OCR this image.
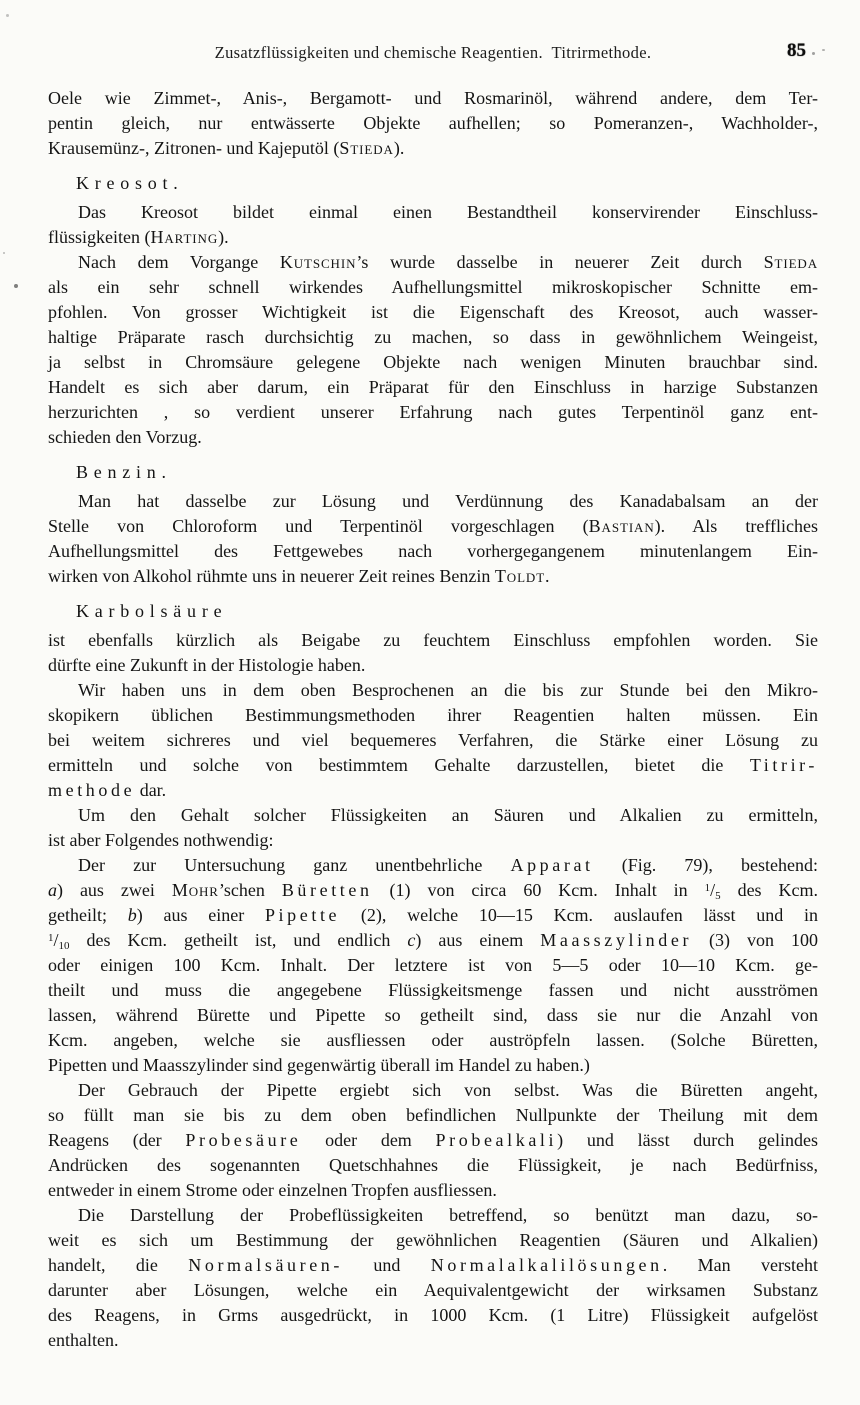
Zusatzflüssigkeiten und chemische Reagentien.  Titrirmethode.	85
Oele wie Zimmet-, Anis-, Bergamott- und Rosmarinöl, während andere, dem Ter-
pentin gleich, nur entwässerte Objekte aufhellen; so Pomeranzen-, Wachholder-,
Krausemünz-, Zitronen- und Kajeputöl (Stieda).
Kreosot.
Das Kreosot bildet einmal einen Bestandtheil konservirender Einschluss-
flüssigkeiten (Harting).
Nach dem Vorgange Kutschin’s wurde dasselbe in neuerer Zeit durch Stieda
als ein sehr schnell wirkendes Aufhellungsmittel mikroskopischer Schnitte em-
pfohlen. Von grosser Wichtigkeit ist die Eigenschaft des Kreosot, auch wasser-
haltige Präparate rasch durchsichtig zu machen, so dass in gewöhnlichem Weingeist,
ja selbst in Chromsäure gelegene Objekte nach wenigen Minuten brauchbar sind.
Handelt es sich aber darum, ein Präparat für den Einschluss in harzige Substanzen
herzurichten , so verdient unserer Erfahrung nach gutes Terpentinöl ganz ent-
schieden den Vorzug.
Benzin.
Man hat dasselbe zur Lösung und Verdünnung des Kanadabalsam an der
Stelle von Chloroform und Terpentinöl vorgeschlagen (Bastian). Als treffliches
Aufhellungsmittel des Fettgewebes nach vorhergegangenem minutenlangem Ein-
wirken von Alkohol rühmte uns in neuerer Zeit reines Benzin Toldt.
Karbolsäure
ist ebenfalls kürzlich als Beigabe zu feuchtem Einschluss empfohlen worden. Sie
dürfte eine Zukunft in der Histologie haben.
Wir haben uns in dem oben Besprochenen an die bis zur Stunde bei den Mikro-
skopikern üblichen Bestimmungsmethoden ihrer Reagentien halten müssen. Ein
bei weitem sichreres und viel bequemeres Verfahren, die Stärke einer Lösung zu
ermitteln und solche von bestimmtem Gehalte darzustellen, bietet die Titrir-
methode dar.
Um den Gehalt solcher Flüssigkeiten an Säuren und Alkalien zu ermitteln,
ist aber Folgendes nothwendig:
Der zur Untersuchung ganz unentbehrliche Apparat (Fig. 79), bestehend:
a) aus zwei Mohr’schen Büretten (1) von circa 60 Kcm. Inhalt in $^1/_5$ des Kcm.
getheilt; b) aus einer Pipette (2), welche 10—15 Kcm. auslaufen lässt und in
$^1/_{10}$ des Kcm. getheilt ist, und endlich c) aus einem Maasszylinder (3) von 100
oder einigen 100 Kcm. Inhalt. Der letztere ist von 5—5 oder 10—10 Kcm. ge-
theilt und muss die angegebene Flüssigkeitsmenge fassen und nicht ausströmen
lassen, während Bürette und Pipette so getheilt sind, dass sie nur die Anzahl von
Kcm. angeben, welche sie ausfliessen oder auströpfeln lassen. (Solche Büretten,
Pipetten und Maasszylinder sind gegenwärtig überall im Handel zu haben.)
Der Gebrauch der Pipette ergiebt sich von selbst. Was die Büretten angeht,
so füllt man sie bis zu dem oben befindlichen Nullpunkte der Theilung mit dem
Reagens (der Probesäure oder dem Probealkali) und lässt durch gelindes
Andrücken des sogenannten Quetschhahnes die Flüssigkeit, je nach Bedürfniss,
entweder in einem Strome oder einzelnen Tropfen ausfliessen.
Die Darstellung der Probeflüssigkeiten betreffend, so benützt man dazu, so-
weit es sich um Bestimmung der gewöhnlichen Reagentien (Säuren und Alkalien)
handelt, die Normalsäuren- und Normalalkalilösungen. Man versteht
darunter aber Lösungen, welche ein Aequivalentgewicht der wirksamen Substanz
des Reagens, in Grms ausgedrückt, in 1000 Kcm. (1 Litre) Flüssigkeit aufgelöst
enthalten.
